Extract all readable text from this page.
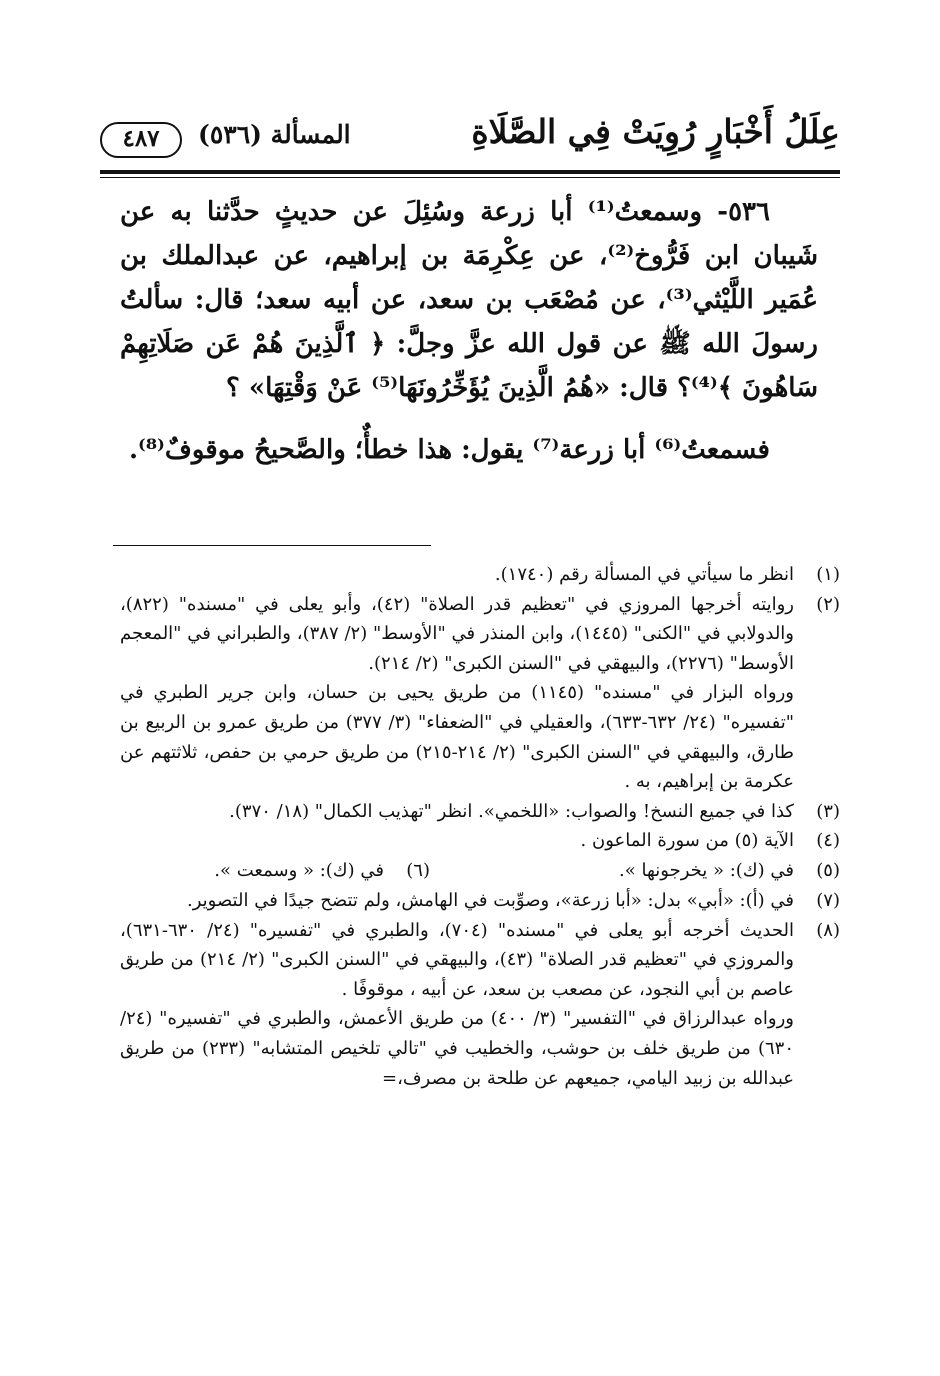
عِلَلُ أَخْبَارٍ رُوِيَتْ فِي الصَّلَاةِ
المسألة (٥٣٦)
٤٨٧

٥٣٦- وسمعتُ⁽¹⁾ أبا زرعة وسُئِلَ عن حديثٍ حدَّثنا به عن شَيبان ابن فَرُّوخ⁽²⁾، عن عِكْرِمَة بن إبراهيم، عن عبدالملك بن عُمَير اللَّيْثي⁽³⁾، عن مُصْعَب بن سعد، عن أبيه سعد؛ قال: سألتُ رسولَ الله ﷺ عن قول الله عزَّ وجلَّ: ﴿ ٱلَّذِينَ هُمْ عَن صَلَاتِهِمْ سَاهُونَ ﴾⁽⁴⁾؟ قال: «هُمُ الَّذِينَ يُؤَخِّرُونَهَا⁽⁵⁾ عَنْ وَقْتِهَا» ؟

فسمعتُ⁽⁶⁾ أبا زرعة⁽⁷⁾ يقول: هذا خطأٌ؛ والصَّحيحُ موقوفٌ⁽⁸⁾.

(١)
انظر ما سيأتي في المسألة رقم (١٧٤٠).
(٢)
روايته أخرجها المروزي في "تعظيم قدر الصلاة" (٤٢)، وأبو يعلى في "مسنده" (٨٢٢)، والدولابي في "الكنى" (١٤٤٥)، وابن المنذر في "الأوسط" (٢/ ٣٨٧)، والطبراني في "المعجم الأوسط" (٢٢٧٦)، والبيهقي في "السنن الكبرى" (٢/ ٢١٤).
ورواه البزار في "مسنده" (١١٤٥) من طريق يحيى بن حسان، وابن جرير الطبري في "تفسيره" (٢٤/ ٦٣٢-٦٣٣)، والعقيلي في "الضعفاء" (٣/ ٣٧٧) من طريق عمرو بن الربيع بن طارق، والبيهقي في "السنن الكبرى" (٢/ ٢١٤-٢١٥) من طريق حرمي بن حفص، ثلاثتهم عن عكرمة بن إبراهيم، به .
(٣)
كذا في جميع النسخ! والصواب: «اللخمي». انظر "تهذيب الكمال" (١٨/ ٣٧٠).
(٤)
الآية (٥) من سورة الماعون .
(٥)
في (ك): « يخرجونها ».
(٦)
في (ك): « وسمعت ».
(٧)
في (أ): «أبي» بدل: «أبا زرعة»، وصوِّبت في الهامش، ولم تتضح جيدًا في التصوير.
(٨)
الحديث أخرجه أبو يعلى في "مسنده" (٧٠٤)، والطبري في "تفسيره" (٢٤/ ٦٣٠-٦٣١)، والمروزي في "تعظيم قدر الصلاة" (٤٣)، والبيهقي في "السنن الكبرى" (٢/ ٢١٤) من طريق عاصم بن أبي النجود، عن مصعب بن سعد، عن أبيه ، موقوفًا .
ورواه عبدالرزاق في "التفسير" (٣/ ٤٠٠) من طريق الأعمش، والطبري في "تفسيره" (٢٤/ ٦٣٠) من طريق خلف بن حوشب، والخطيب في "تالي تلخيص المتشابه" (٢٣٣) من طريق عبدالله بن زبيد اليامي، جميعهم عن طلحة بن مصرف،=
